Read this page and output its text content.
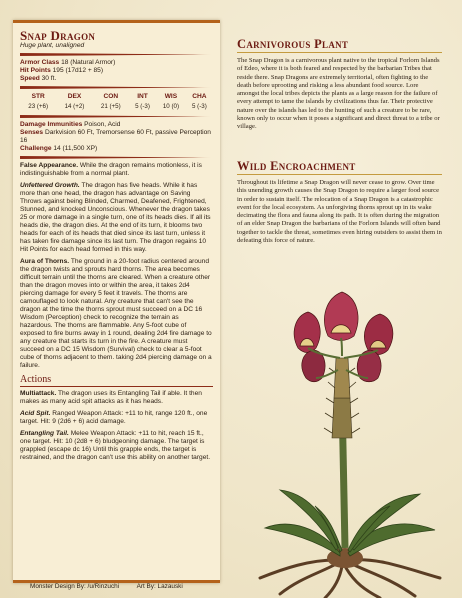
Snap Dragon
Huge plant, unaligned
Armor Class 18 (Natural Armor)
Hit Points 195 (17d12 + 85)
Speed 30 ft.
STR	DEX	CON	INT	WIS	CHA
23 (+6)	14 (+2)	21 (+5)	5 (-3)	10 (0)	5 (-3)
Damage Immunities Poison, Acid
Senses Darkvision 60 Ft, Tremorsense 60 Ft, passive Perception 16
Challenge 14 (11,500 XP)

False Appearance. While the dragon remains motionless, it is indistinguishable from a normal plant.

Unfettered Growth. The dragon has five heads. While it has more than one head, the dragon has advantage on Saving Throws against being Blinded, Charmed, Deafened, Frightened, Stunned, and knocked Unconscious. Whenever the dragon takes 25 or more damage in a single turn, one of its heads dies. If all its heads die, the dragon dies. At the end of its turn, it blooms two heads for each of its heads that died since its last turn, unless it has taken fire damage since its last turn. The dragon regains 10 Hit Points for each head formed in this way.

Aura of Thorns. The ground in a 20-foot radius centered around the dragon twists and sprouts hard thorns. The area becomes difficult terrain until the thorns are cleared. When a creature other than the dragon moves into or within the area, it takes 2d4 piercing damage for every 5 feet it travels. The thorns are camouflaged to look natural. Any creature that can't see the dragon at the time the thorns sprout must succeed on a DC 16 Wisdom (Perception) check to recognize the terrain as hazardous. The thorns are flammable. Any 5-foot cube of exposed to fire burns away in 1 round, dealing 2d4 fire damage to any creature that starts its turn in the fire. A creature must succeed on a DC 15 Wisdom (Survival) check to clear a 5-foot cube of thorns adjacent to them. taking 2d4 piercing damage on a failure.

Actions

Multiattack. The dragon uses its Entangling Tail if able. It then makes as many acid spit attacks as it has heads.

Acid Spit. Ranged Weapon Attack: +11 to hit, range 120 ft., one target. Hit: 9 (2d6 + 6) acid damage.

Entangling Tail. Melee Weapon Attack: +11 to hit, reach 15 ft., one target. Hit: 10 (2d8 + 6) bludgeoning damage. The target is grappled (escape dc 16) Until this grapple ends, the target is restrained, and the dragon can't use this ability on another target.

Monster Design By: /u/Rinzuchi	Art By: Lazauski
Carnivorous Plant

The Snap Dragon is a carnivorous plant native to the tropical Forlorn Islands of Edeo, where it is both feared and respected by the barbarian Tribes that reside there. Snap Dragons are extremely territorial, often fighting to the death before uprooting and risking a less abundant food source. Lore amongst the local tribes depicts the plants as a large reason for the failure of every attempt to tame the islands by civilizations thus far. Their protective nature over the islands has led to the hunting of such a creature to be rare, known only to occur when it poses a significant and direct threat to a tribe or village.

Wild Encroachment

Throughout its lifetime a Snap Dragon will never cease to grow. Over time this unending growth causes the Snap Dragon to require a larger food source in order to sustain itself. The relocation of a Snap Dragon is a catastrophic event for the local ecosystem. As unforgiving thorns sprout up in its wake decimating the flora and fauna along its path. It is often during the migration of an elder Snap Dragon the barbarians of the Forlorn Islands will often band together to tackle the threat, sometimes even hiring outsiders to assist them in defeating this force of nature.
